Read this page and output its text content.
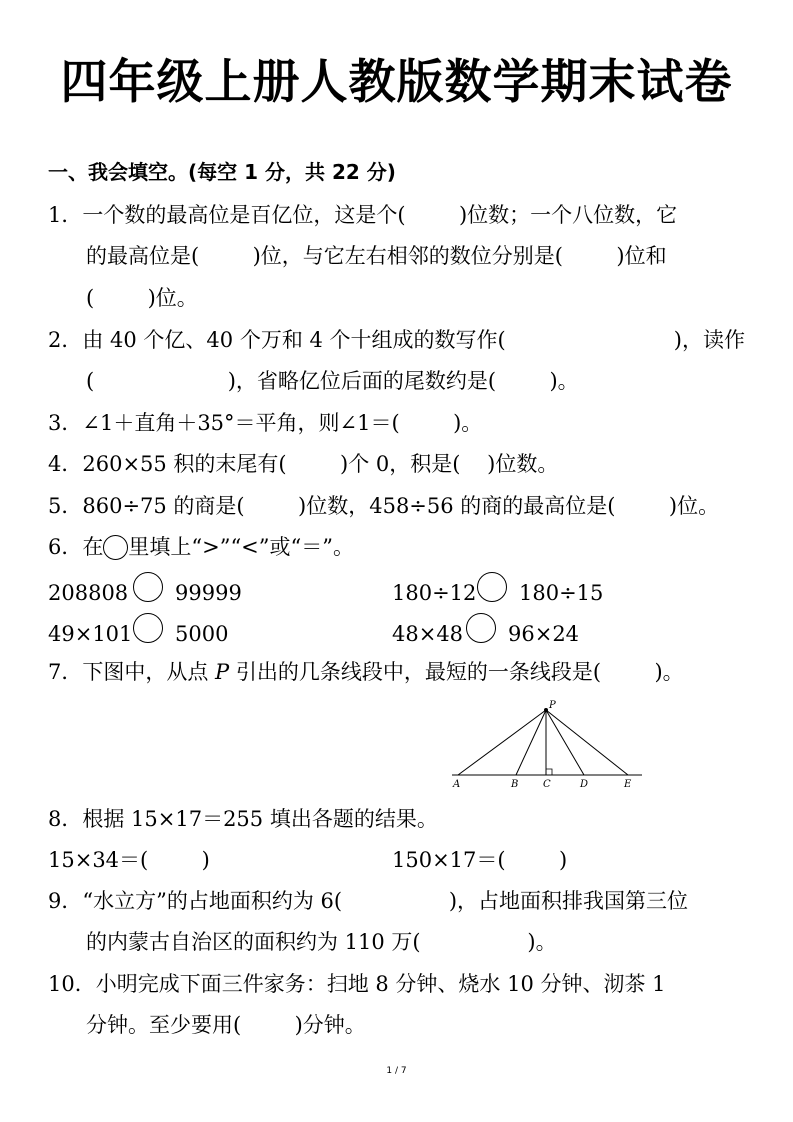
四年级上册人教版数学期末试卷
一、我会填空。(每空 1 分，共 22 分)
1．一个数的最高位是百亿位，这是个(        )位数；一个八位数，它
的最高位是(        )位，与它左右相邻的数位分别是(        )位和
(        )位。
2．由 40 个亿、40 个万和 4 个十组成的数写作(	)，读作
(                    )，省略亿位后面的尾数约是(        )。
3．∠1＋直角＋35°＝平角，则∠1＝(        )。
4．260×55 积的末尾有(        )个 0，积是(    )位数。
5．860÷75 的商是(        )位数，458÷56 的商的最高位是(        )位。
6．在 里填上“>”“<”或“＝”。
208808 99999	180÷12 180÷15
49×101 5000	48×48 96×24
7．下图中，从点 P 引出的几条线段中，最短的一条线段是(        )。
P
A	B C	D	E
8．根据 15×17＝255 填出各题的结果。
15×34＝(        )	150×17＝(        )
9．“水立方”的占地面积约为 6(                )，占地面积排我国第三位
的内蒙古自治区的面积约为 110 万(                )。
10．小明完成下面三件家务：扫地 8 分钟、烧水 10 分钟、沏茶 1
分钟。至少要用(        )分钟。
1 / 7
